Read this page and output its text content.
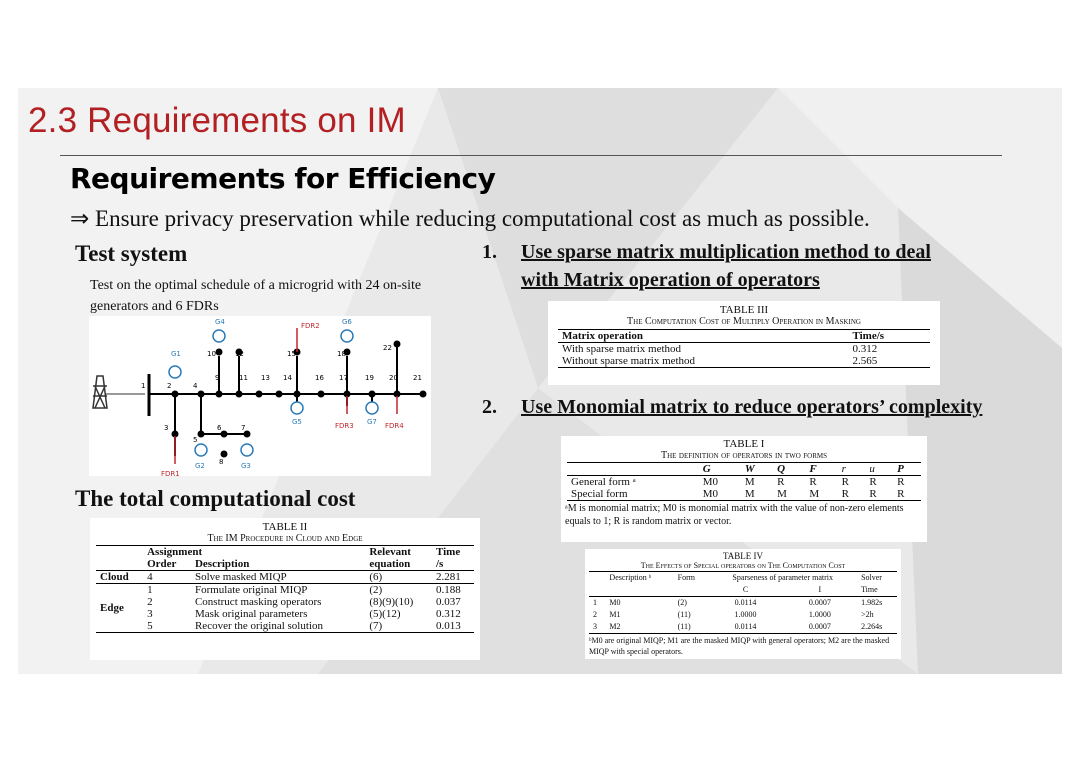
2.3 Requirements on IM
Requirements for Efficiency
⇒ Ensure privacy preservation while reducing computational cost as much as possible.
Test system
Test on the optimal schedule of a microgrid with 24 on-site generators and 6 FDRs
G1
G2	G3
G4
G5
G6
G7
FDR1
FDR2
FDR3	FDR4
1	2
3
4
5
6	7
8
9
10
11
12
13 14
15
16 17
18
19 20 21
22
The total computational cost
1. Use sparse matrix multiplication method to deal
with Matrix operation of operators
2. Use Monomial matrix to reduce operators’ complexity
TABLE III
The Computation Cost of Multiply Operation in Masking
Matrix operation	Time/s
With sparse matrix method	0.312
Without sparse matrix method	2.565
TABLE I
The definition of operators in two forms
	G	W	Q	F	r	u	P
General form ᵃ	M0	M	R	R	R	R	R
Special form	M0	M	M	M	R	R	R
ᵃM is monomial matrix; M0 is monomial matrix with the value of non-zero elements equals to 1; R is random matrix or vector.
TABLE IV
The Effects of Special operators on The Computation Cost
	Description ᵇ	Form	Sparseness of parameter matrix		Solver
			C	I	Time
1	M0	(2)	0.0114	0.0007	1.982s
2	M1	(11)	1.0000	1.0000	>2h
3	M2	(11)	0.0114	0.0007	2.264s
ᵇM0 are original MIQP; M1 are the masked MIQP with general operators; M2 are the masked MIQP with special operators.
TABLE II
The IM Procedure in Cloud and Edge
	Assignment		Relevant	Time
	Order	Description	equation	/s
Cloud	4	Solve masked MIQP	(6)	2.281
Edge	1	Formulate original MIQP	(2)	0.188
	2	Construct masking operators	(8)(9)(10)	0.037
	3	Mask original parameters	(5)(12)	0.312
	5	Recover the original solution	(7)	0.013
